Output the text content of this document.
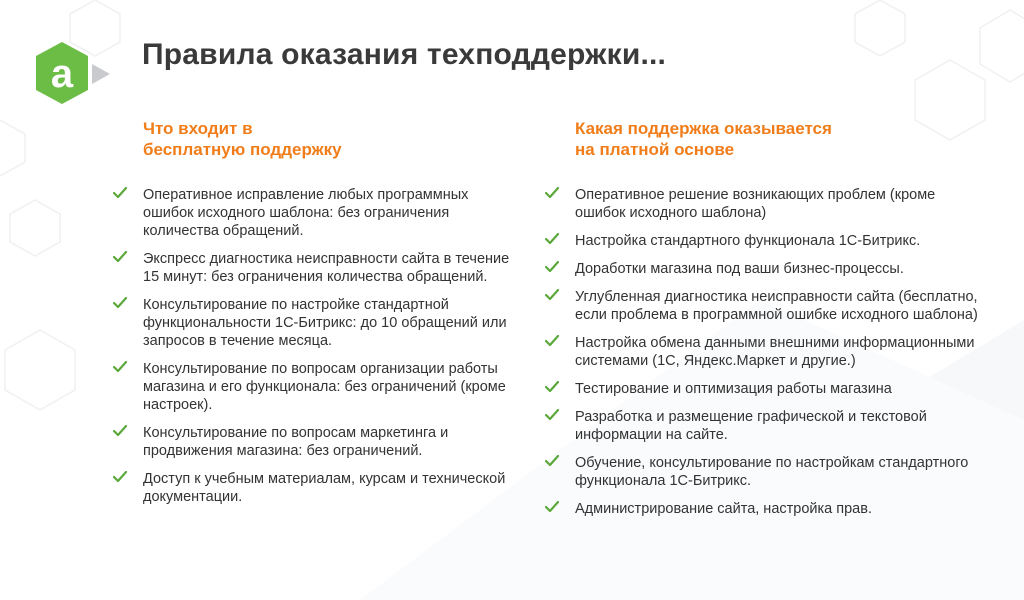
a Правила оказания техподдержки...
Что входит в
бесплатную поддержку
Оперативное исправление любых программных ошибок исходного шаблона: без ограничения количества обращений.
Экспресс диагностика неисправности сайта в течение 15 минут: без ограничения количества обращений.
Консультирование по настройке стандартной функциональности 1С-Битрикс: до 10 обращений или запросов в течение месяца.
Консультирование по вопросам организации работы магазина и его функционала: без ограничений (кроме настроек).
Консультирование по вопросам маркетинга и продвижения магазина: без ограничений.
Доступ к учебным материалам, курсам и технической документации.
Какая поддержка оказывается
на платной основе
Оперативное решение возникающих проблем (кроме ошибок исходного шаблона)
Настройка стандартного функционала 1С-Битрикс.
Доработки магазина под ваши бизнес-процессы.
Углубленная диагностика неисправности сайта (бесплатно, если проблема в программной ошибке исходного шаблона)
Настройка обмена данными внешними информационными системами (1С, Яндекс.Маркет и другие.)
Тестирование и оптимизация работы магазина
Разработка и размещение графической и текстовой информации на сайте.
Обучение, консультирование по настройкам стандартного функционала 1С-Битрикс.
Администрирование сайта, настройка прав.
